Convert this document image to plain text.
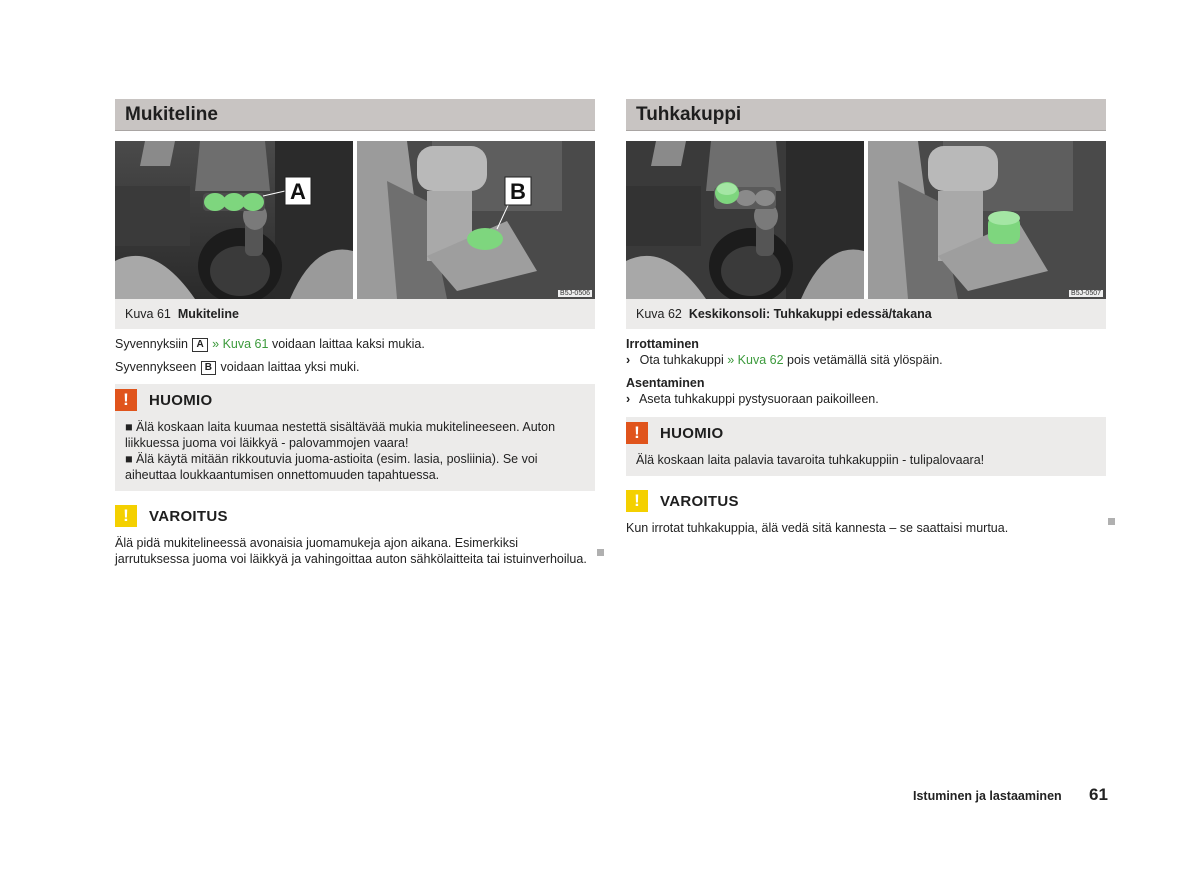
Mukiteline
A	B
B5J-0506
Kuva 61 Mukiteline

Syvennyksiin A » Kuva 61 voidaan laittaa kaksi mukia.

Syvennykseen B voidaan laittaa yksi muki.

!	HUOMIO
■ Älä koskaan laita kuumaa nestettä sisältävää mukia mukitelineeseen. Auton liikkuessa juoma voi läikkyä - palovammojen vaara!
■ Älä käytä mitään rikkoutuvia juoma-astioita (esim. lasia, posliinia). Se voi aiheuttaa loukkaantumisen onnettomuuden tapahtuessa.
!	VAROITUS
Älä pidä mukitelineessä avonaisia juomamukeja ajon aikana. Esimerkiksi jarrutuksessa juoma voi läikkyä ja vahingoittaa auton sähkölaitteita tai istuinverhoilua.
Tuhkakuppi
B5J-0507
Kuva 62 Keskikonsoli: Tuhkakuppi edessä/takana
Irrottaminen
› Ota tuhkakuppi » Kuva 62 pois vetämällä sitä ylöspäin.
Asentaminen
› Aseta tuhkakuppi pystysuoraan paikoilleen.
!	HUOMIO
Älä koskaan laita palavia tavaroita tuhkakuppiin - tulipalovaara!
!	VAROITUS
Kun irrotat tuhkakuppia, älä vedä sitä kannesta – se saattaisi murtua.
Istuminen ja lastaaminen 61
